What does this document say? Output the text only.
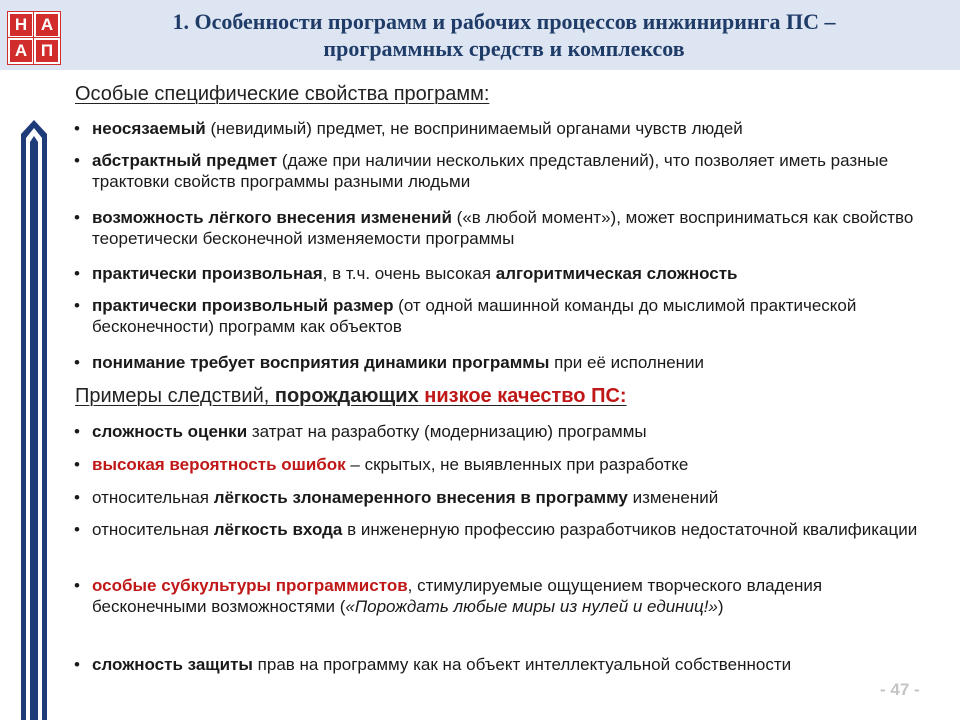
Н А
А П
1. Особенности программ и рабочих процессов инжиниринга ПС –
программных средств и комплексов
Особые специфические свойства программ:
• неосязаемый (невидимый) предмет, не воспринимаемый органами чувств людей
• абстрактный предмет (даже при наличии нескольких представлений), что позволяет иметь разные трактовки свойств программы разными людьми
• возможность лёгкого внесения изменений («в любой момент»), может восприниматься как свойство теоретически бесконечной изменяемости программы
• практически произвольная, в т.ч. очень высокая алгоритмическая сложность
• практически произвольный размер (от одной машинной команды до мыслимой практической бесконечности) программ как объектов
• понимание требует восприятия динамики программы при её исполнении
Примеры следствий, порождающих низкое качество ПС:
• сложность оценки затрат на разработку (модернизацию) программы
• высокая вероятность ошибок – скрытых, не выявленных при разработке
• относительная лёгкость злонамеренного внесения в программу изменений
• относительная лёгкость входа в инженерную профессию разработчиков недостаточной квалификации
• особые субкультуры программистов, стимулируемые ощущением творческого владения бесконечными возможностями («Порождать любые миры из нулей и единиц!»)
• сложность защиты прав на программу как на объект интеллектуальной собственности
- 47 -
